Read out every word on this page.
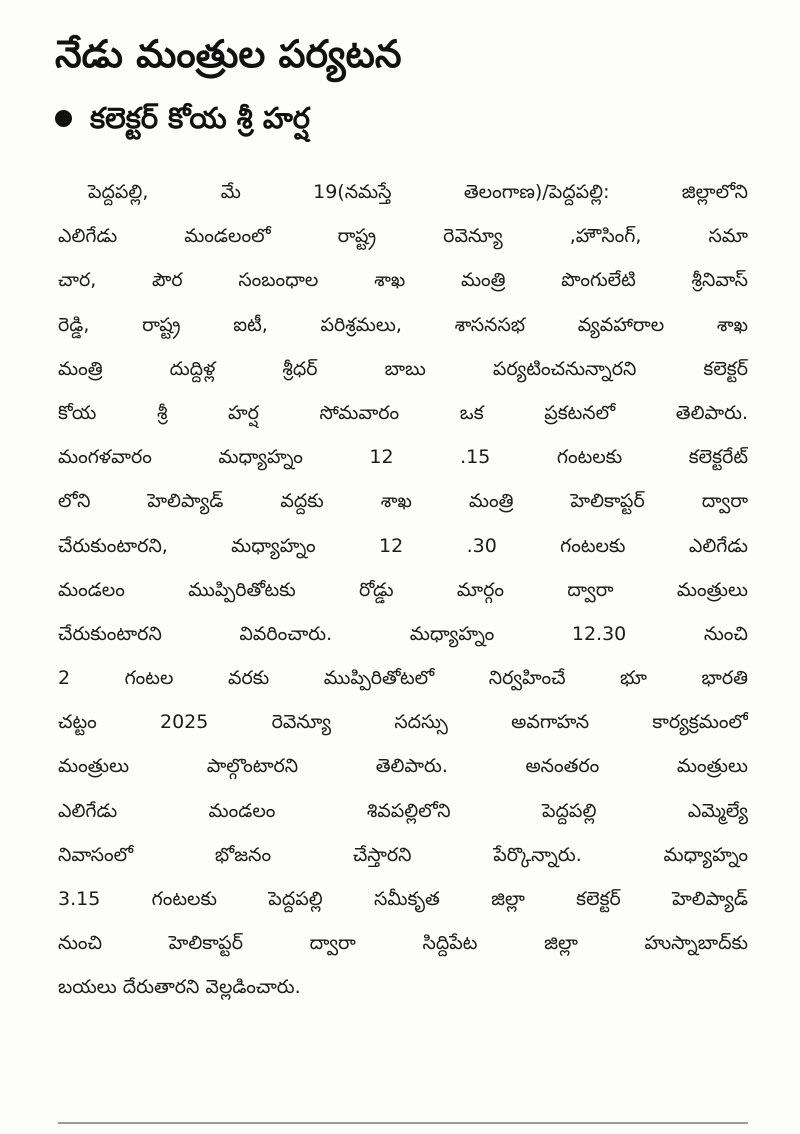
నేడు మంత్రుల పర్యటన
కలెక్టర్ కోయ శ్రీ హర్ష
పెద్దపల్లి, మే 19(నమస్తే తెలంగాణ)/పెద్దపల్లి: జిల్లాలోని
ఎలిగేడు మండలంలో రాష్ట్ర రెవెన్యూ ,హౌసింగ్, సమా
చార, పౌర సంబంధాల శాఖ మంత్రి పొంగులేటి శ్రీనివాస్
రెడ్డి, రాష్ట్ర ఐటీ, పరిశ్రమలు, శాసనసభ వ్యవహారాల శాఖ
మంత్రి దుద్దిళ్ల శ్రీధర్ బాబు పర్యటించనున్నారని కలెక్టర్
కోయ శ్రీ హర్ష సోమవారం ఒక ప్రకటనలో తెలిపారు.
మంగళవారం మధ్యాహ్నం 12 .15 గంటలకు కలెక్టరేట్
లోని హెలిప్యాడ్ వద్దకు శాఖ మంత్రి హెలికాప్టర్ ద్వారా
చేరుకుంటారని, మధ్యాహ్నం 12 .30 గంటలకు ఎలిగేడు
మండలం ముప్పిరితోటకు రోడ్డు మార్గం ద్వారా మంత్రులు
చేరుకుంటారని వివరించారు. మధ్యాహ్నం 12.30 నుంచి
2 గంటల వరకు ముప్పిరితోటలో నిర్వహించే భూ భారతి
చట్టం 2025 రెవెన్యూ సదస్సు అవగాహన కార్యక్రమంలో
మంత్రులు పాల్గొంటారని తెలిపారు. అనంతరం మంత్రులు
ఎలిగేడు మండలం శివపల్లిలోని పెద్దపల్లి ఎమ్మెల్యే
నివాసంలో భోజనం చేస్తారని పేర్కొన్నారు. మధ్యాహ్నం
3.15 గంటలకు పెద్దపల్లి సమీకృత జిల్లా కలెక్టర్ హెలిప్యాడ్
నుంచి హెలికాప్టర్ ద్వారా సిద్దిపేట జిల్లా హుస్నాబాద్‌కు
బయలు దేరుతారని వెల్లడించారు.
